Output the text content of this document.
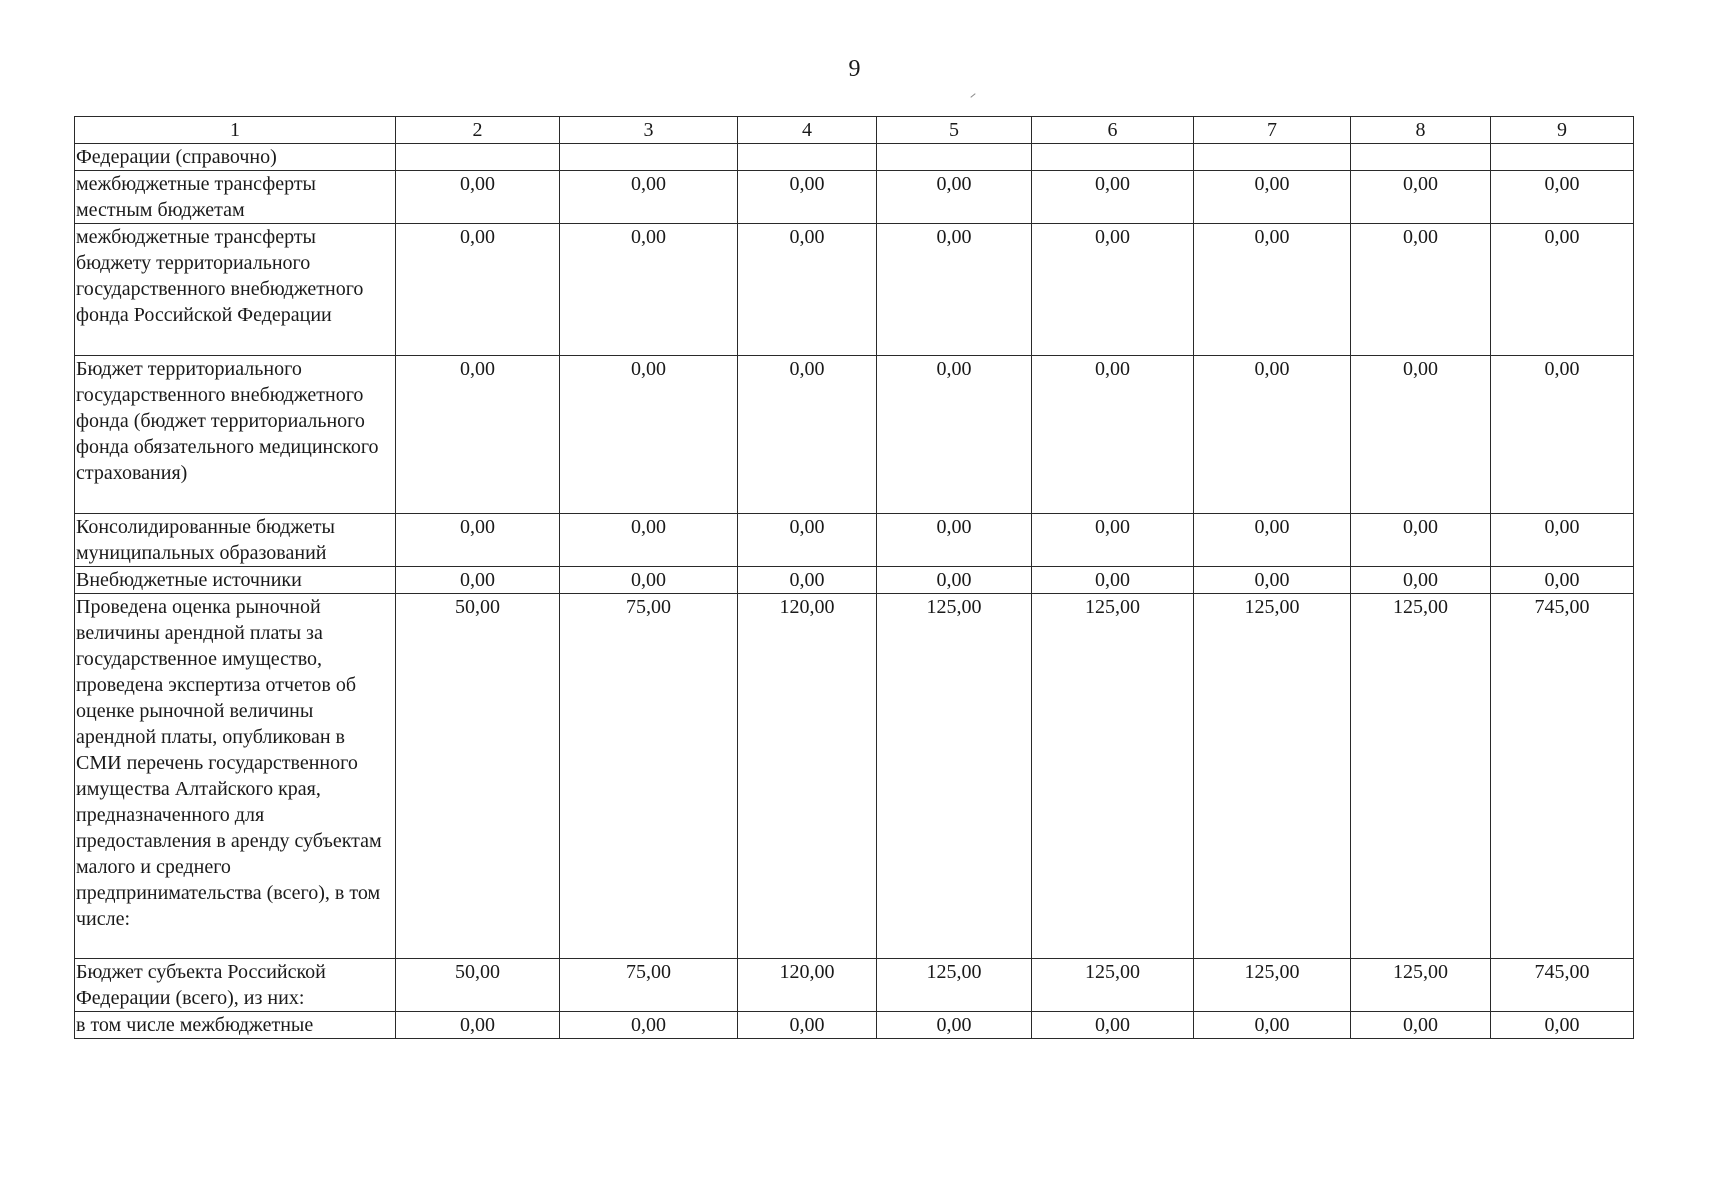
9
1	2	3	4	5	6	7	8	9
Федерации (справочно)								
межбюджетные трансферты местным бюджетам	0,00	0,00	0,00	0,00	0,00	0,00	0,00	0,00
межбюджетные трансферты бюджету территориального государственного внебюджетного фонда Российской Федерации	0,00	0,00	0,00	0,00	0,00	0,00	0,00	0,00
Бюджет территориального государственного внебюджетного фонда (бюджет территориального фонда обязательного медицинского страхования)	0,00	0,00	0,00	0,00	0,00	0,00	0,00	0,00
Консолидированные бюджеты муниципальных образований	0,00	0,00	0,00	0,00	0,00	0,00	0,00	0,00
Внебюджетные источники	0,00	0,00	0,00	0,00	0,00	0,00	0,00	0,00
Проведена оценка рыночной величины арендной платы за государственное имущество, проведена экспертиза отчетов об оценке рыночной величины арендной платы, опубликован в СМИ перечень государственного имущества Алтайского края, предназначенного для предоставления в аренду субъектам малого и среднего предпринимательства (всего), в том числе:	50,00	75,00	120,00	125,00	125,00	125,00	125,00	745,00
Бюджет субъекта Российской Федерации (всего), из них:	50,00	75,00	120,00	125,00	125,00	125,00	125,00	745,00
в том числе межбюджетные	0,00	0,00	0,00	0,00	0,00	0,00	0,00	0,00
